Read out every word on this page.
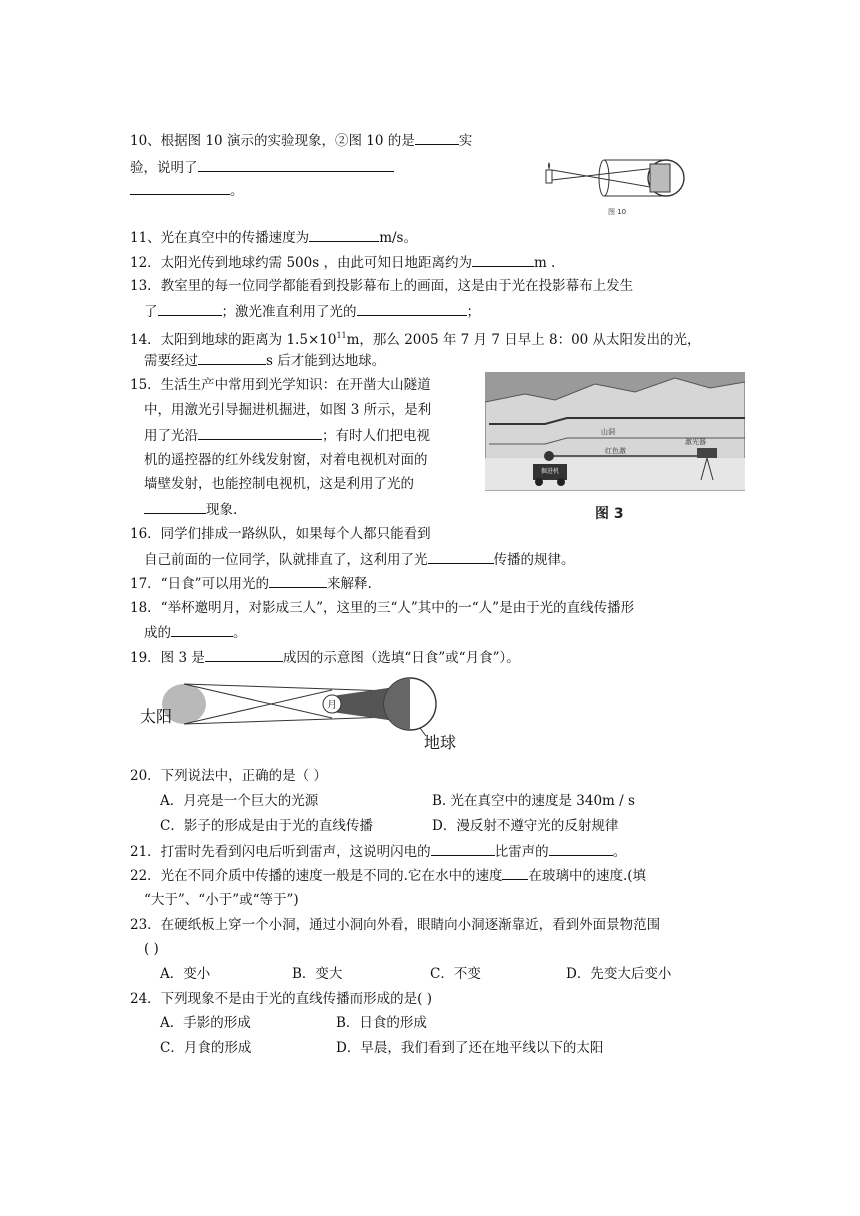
10、根据图 10 演示的实验现象，②图 10 的是	实
验，说明了
。
图 10
11、光在真空中的传播速度为	m/s。
12．太阳光传到地球约需 500s ，由此可知日地距离约为	m .
13．教室里的每一位同学都能看到投影幕布上的画面，这是由于光在投影幕布上发生
了	；激光准直利用了光的	；
14．太阳到地球的距离为 $1.5\times 10^{11}m$，那么 2005 年 7 月 7 日早上 8：00 从太阳发出的光，
需要经过	s 后才能到达地球。
15．生活生产中常用到光学知识：在开凿大山隧道
中，用激光引导掘进机掘进，如图 3 所示，是利
用了光沿	；有时人们把电视
机的遥控器的红外线发射窗，对着电视机对面的
墙壁发射，也能控制电视机，这是利用了光的
现象.
山洞
红色激
掘进机
激光器
图 3
16．同学们排成一路纵队，如果每个人都只能看到
自己前面的一位同学，队就排直了，这利用了光	传播的规律。
17．“日食”可以用光的	来解释.
18．“举杯邀明月，对影成三人”，这里的三“人”其中的一“人”是由于光的直线传播形
成的	。
19．图 3 是	成因的示意图（选填“日食”或“月食”）。
月
太阳
地球
20．下列说法中，正确的是（ ）
A．月亮是一个巨大的光源	B. 光在真空中的速度是 340m / s
C．影子的形成是由于光的直线传播	D．漫反射不遵守光的反射规律
21．打雷时先看到闪电后听到雷声，这说明闪电的	比雷声的	。
22．光在不同介质中传播的速度一般是不同的.它在水中的速度 在玻璃中的速度.(填
“大于”、“小于”或“等于”)
23．在硬纸板上穿一个小洞，通过小洞向外看，眼睛向小洞逐渐靠近，看到外面景物范围
( )
A．变小	B．变大	C．不变	D．先变大后变小
24．下列现象不是由于光的直线传播而形成的是( )
A．手影的形成	B．日食的形成
C．月食的形成	D．早晨，我们看到了还在地平线以下的太阳
